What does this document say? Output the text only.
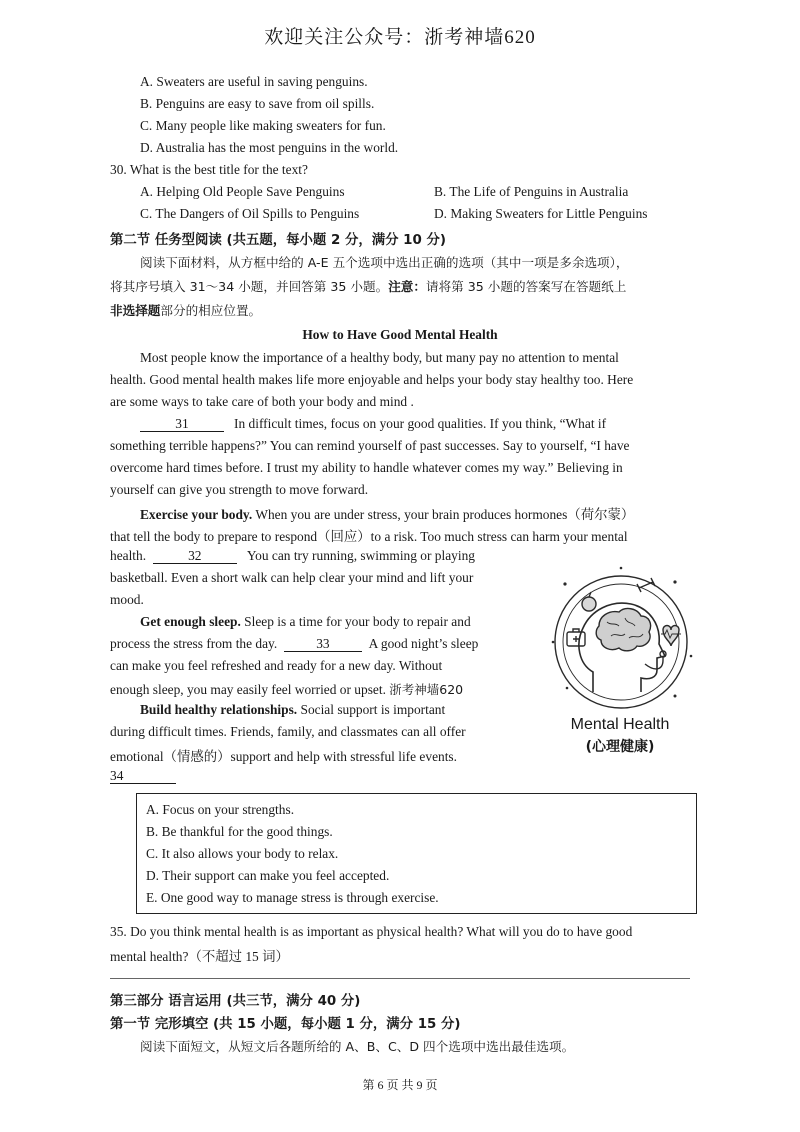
欢迎关注公众号：浙考神墙620
A. Sweaters are useful in saving penguins.
B. Penguins are easy to save from oil spills.
C. Many people like making sweaters for fun.
D. Australia has the most penguins in the world.
30. What is the best title for the text?
A. Helping Old People Save Penguins	B. The Life of Penguins in Australia
C. The Dangers of Oil Spills to Penguins	D. Making Sweaters for Little Penguins
第二节 任务型阅读 (共五题，每小题 2 分，满分 10 分)
阅读下面材料，从方框中给的 A-E 五个选项中选出正确的选项（其中一项是多余选项），
将其序号填入 31～34 小题，并回答第 35 小题。注意：请将第 35 小题的答案写在答题纸上
非选择题部分的相应位置。
How to Have Good Mental Health
Most people know the importance of a healthy body, but many pay no attention to mental
health. Good mental health makes life more enjoyable and helps your body stay healthy too. Here
are some ways to take care of both your body and mind .
31	In difficult times, focus on your good qualities. If you think, “What if
something terrible happens?” You can remind yourself of past successes. Say to yourself, “I have
overcome hard times before. I trust my ability to handle whatever comes my way.” Believing in
yourself can give you strength to move forward.
Exercise your body. When you are under stress, your brain produces hormones（荷尔蒙）
that tell the body to prepare to respond（回应）to a risk. Too much stress can harm your mental
health.	32	You can try running, swimming or playing
basketball. Even a short walk can help clear your mind and lift your
mood.
Get enough sleep. Sleep is a time for your body to repair and
process the stress from the day.	33	A good night’s sleep
can make you feel refreshed and ready for a new day. Without
enough sleep, you may easily feel worried or upset. 浙考神墙620
Build healthy relationships. Social support is important
during difficult times. Friends, family, and classmates can all offer
emotional（情感的）support and help with stressful life events.
34
Mental Health
(心理健康)
A. Focus on your strengths.
B. Be thankful for the good things.
C. It also allows your body to relax.
D. Their support can make you feel accepted.
E. One good way to manage stress is through exercise.
35. Do you think mental health is as important as physical health? What will you do to have good
mental health?（不超过 15 词）
第三部分 语言运用 (共三节，满分 40 分)
第一节 完形填空 (共 15 小题，每小题 1 分，满分 15 分)
阅读下面短文，从短文后各题所给的 A、B、C、D 四个选项中选出最佳选项。
第 6 页 共 9 页
